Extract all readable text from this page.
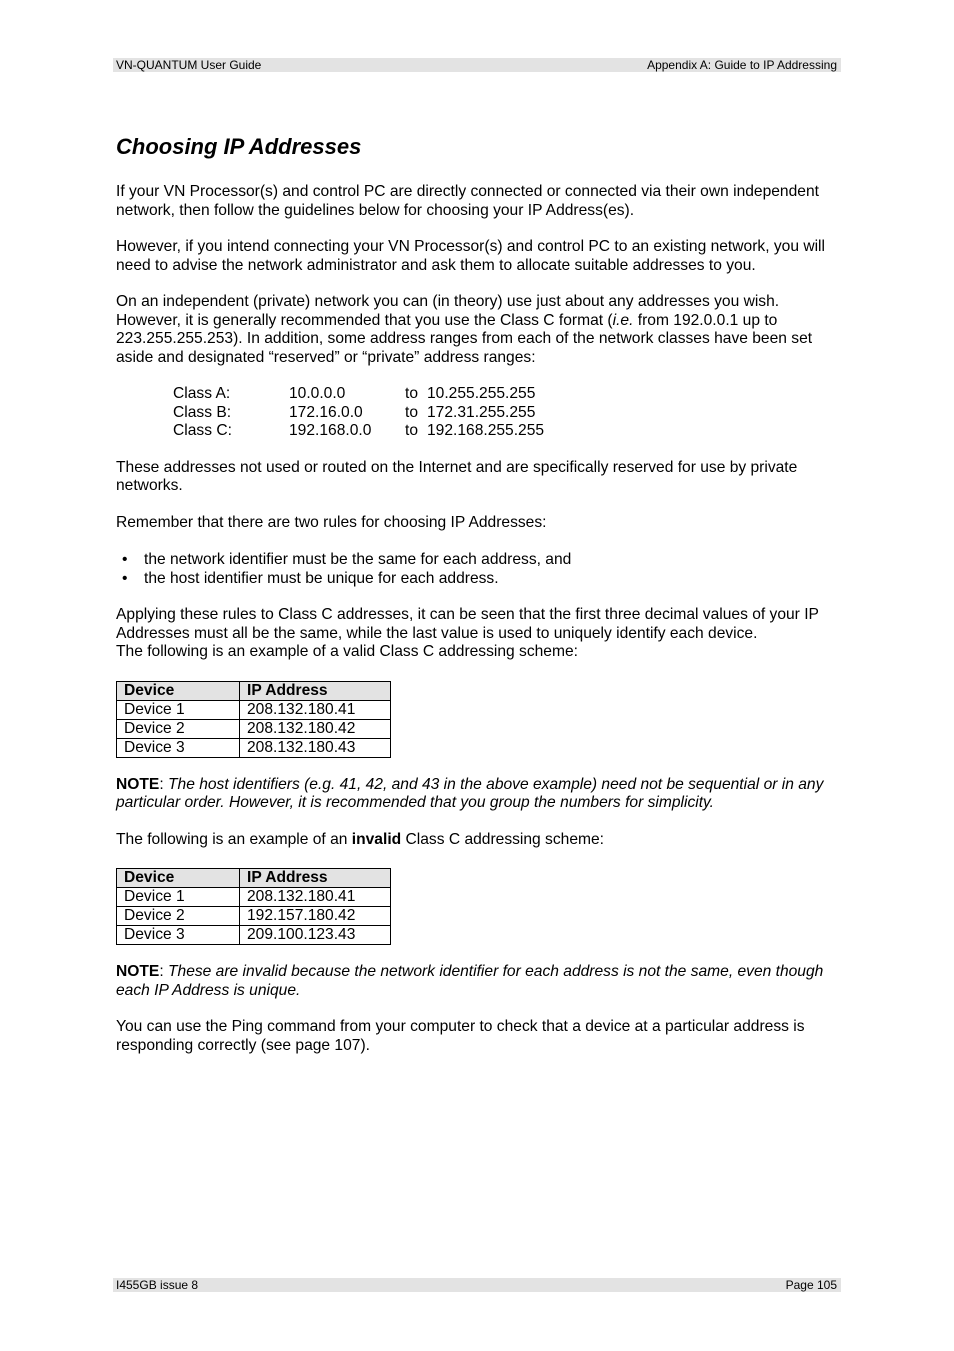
VN-QUANTUM User Guide	Appendix A: Guide to IP Addressing
Choosing IP Addresses

If your VN Processor(s) and control PC are directly connected or connected via their own independent network, then follow the guidelines below for choosing your IP Address(es).

However, if you intend connecting your VN Processor(s) and control PC to an existing network, you will need to advise the network administrator and ask them to allocate suitable addresses to you.

On an independent (private) network you can (in theory) use just about any addresses you wish. However, it is generally recommended that you use the Class C format (i.e. from 192.0.0.1 up to 223.255.255.253). In addition, some address ranges from each of the network classes have been set aside and designated “reserved” or “private” address ranges:

Class A:	10.0.0.0	to 10.255.255.255
Class B:	172.16.0.0	to 172.31.255.255
Class C:	192.168.0.0	to 192.168.255.255

These addresses not used or routed on the Internet and are specifically reserved for use by private networks.

Remember that there are two rules for choosing IP Addresses:

• the network identifier must be the same for each address, and
• the host identifier must be unique for each address.

Applying these rules to Class C addresses, it can be seen that the first three decimal values of your IP Addresses must all be the same, while the last value is used to uniquely identify each device.

The following is an example of a valid Class C addressing scheme:

Device	IP Address
Device 1	208.132.180.41
Device 2	208.132.180.42
Device 3	208.132.180.43

NOTE: The host identifiers (e.g. 41, 42, and 43 in the above example) need not be sequential or in any particular order. However, it is recommended that you group the numbers for simplicity.

The following is an example of an invalid Class C addressing scheme:

Device	IP Address
Device 1	208.132.180.41
Device 2	192.157.180.42
Device 3	209.100.123.43

NOTE: These are invalid because the network identifier for each address is not the same, even though each IP Address is unique.

You can use the Ping command from your computer to check that a device at a particular address is responding correctly (see page 107).

I455GB issue 8	Page 105
